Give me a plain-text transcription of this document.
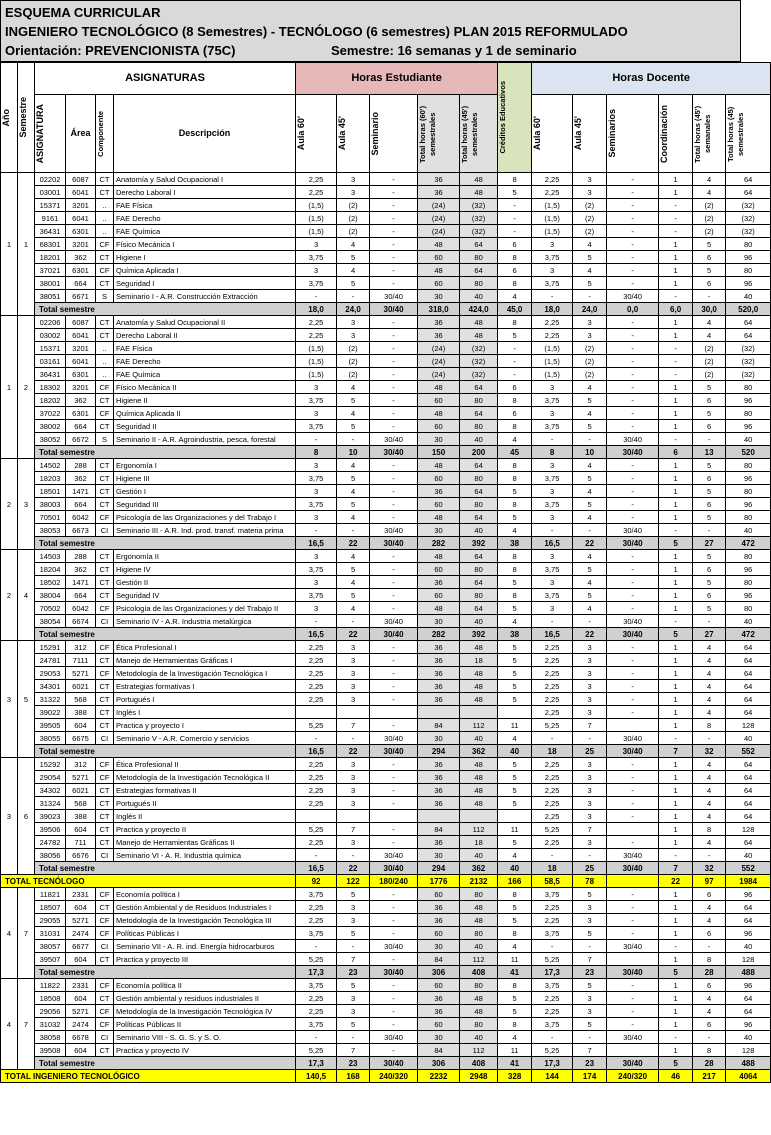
ESQUEMA CURRICULAR
INGENIERO TECNOLÓGICO (8 Semestres) - TECNÓLOGO (6 semestres) PLAN 2015 REFORMULADO
Orientación: PREVENCIONISTA (75C)	Semestre: 16 semanas y 1 de seminario
Año	Semestre	ASIGNATURAS				Horas Estudiante					Créditos Educativos	Horas Docente					

		ASIGNATURA	Área	Componente	Descripción	Aula 60'	Aula 45'	Seminario	Total horas (60') semestrales	Total horas (45') semestrales		Aula 60'	Aula 45'	Seminarios	Coordinación	Total horas (45') semanales	Total horas (45) semestrales

1	1	02202	6087	CT	Anatomía y Salud Ocupacional I	2,25	3	-	36	48	8	2,25	3	-	1	4	64
		03001	6041	CT	Derecho Laboral I	2,25	3	-	36	48	5	2,25	3	-	1	4	64
		15371	3201	..	FAE Física	(1,5)	(2)	-	(24)	(32)	-	(1,5)	(2)	-	-	(2)	(32)
		9161	6041	..	FAE Derecho	(1,5)	(2)	-	(24)	(32)	-	(1,5)	(2)	-	-	(2)	(32)
		36431	6301	..	FAE Química	(1,5)	(2)	-	(24)	(32)	-	(1,5)	(2)	-	-	(2)	(32)
		68301	3201	CF	Físico Mecánica I	3	4	-	48	64	6	3	4	-	1	5	80
		18201	362	CT	Higiene I	3,75	5	-	60	80	8	3,75	5	-	1	6	96
		37021	6301	CF	Química Aplicada I	3	4	-	48	64	6	3	4	-	1	5	80
		38001	664	CT	Seguridad I	3,75	5	-	60	80	8	3,75	5	-	1	6	96
		38051	6671	S	Seminario I - A.R. Construcción Extracción	-	-	30/40	30	40	4	-	-	30/40	-	-	40
		Total semestre				18,0	24,0	30/40	318,0	424,0	45,0	18,0	24,0	0,0	6,0	30,0	520,0
1	2	02206	6087	CT	Anatomía y Salud Ocupacional II	2,25	3	-	36	48	8	2,25	3	-	1	4	64
		03002	6041	CT	Derecho Laboral II	2,25	3	-	36	48	5	2,25	3	-	1	4	64
		15371	3201	..	FAE Física	(1,5)	(2)	-	(24)	(32)	-	(1,5)	(2)	-	-	(2)	(32)
		03161	6041	..	FAE Derecho	(1,5)	(2)	-	(24)	(32)	-	(1,5)	(2)	-	-	(2)	(32)
		36431	6301	..	FAE Química	(1,5)	(2)	-	(24)	(32)	-	(1,5)	(2)	-	-	(2)	(32)
		18302	3201	CF	Físico Mecánica II	3	4	-	48	64	6	3	4	-	1	5	80
		18202	362	CT	Higiene II	3,75	5	-	60	80	8	3,75	5	-	1	6	96
		37022	6301	CF	Química Aplicada II	3	4	-	48	64	6	3	4	-	1	5	80
		38002	664	CT	Seguridad II	3,75	5	-	60	80	8	3,75	5	-	1	6	96
		38052	6672	S	Seminario II - A.R. Agroindustria, pesca, forestal	-	-	30/40	30	40	4	-	-	30/40	-	-	40
		Total semestre				8	10	30/40	150	200	45	8	10	30/40	6	13	520
2	3	14502	288	CT	Ergonomía I	3	4	-	48	64	8	3	4	-	1	5	80
		18203	362	CT	Higiene III	3,75	5	-	60	80	8	3,75	5	-	1	6	96
		18501	1471	CT	Gestión I	3	4	-	36	64	5	3	4	-	1	5	80
		38003	664	CT	Seguridad III	3,75	5	-	60	80	8	3,75	5	-	1	6	96
		70501	6042	CF	Psicología de las Organizaciones y del Trabajo I	3	4	-	48	64	5	3	4	-	1	5	80
		38053	6673	CI	Seminario III - A.R. Ind. prod. transf. materia prima	-	-	30/40	30	40	4	-	-	30/40	-	-	40
		Total semestre				16,5	22	30/40	282	392	38	16,5	22	30/40	5	27	472
2	4	14503	288	CT	Ergonomía II	3	4	-	48	64	8	3	4	-	1	5	80
		18204	362	CT	Higiene IV	3,75	5	-	60	80	8	3,75	5	-	1	6	96
		18502	1471	CT	Gestión II	3	4	-	36	64	5	3	4	-	1	5	80
		38004	664	CT	Seguridad IV	3,75	5	-	60	80	8	3,75	5	-	1	6	96
		70502	6042	CF	Psicología de las Organizaciones y del Trabajo II	3	4	-	48	64	5	3	4	-	1	5	80
		38054	6674	CI	Seminario IV - A.R. Industria metalúrgica	-	-	30/40	30	40	4	-	-	30/40	-	-	40
		Total semestre				16,5	22	30/40	282	392	38	16,5	22	30/40	5	27	472
3	5	15291	312	CF	Ética Profesional I	2,25	3	-	36	48	5	2,25	3	-	1	4	64
		24781	7111	CT	Manejo de Herramientas Gráficas I	2,25	3	-	36	18	5	2,25	3	-	1	4	64
		29053	5271	CF	Metodología de la Investigación Tecnológica I	2,25	3	-	36	48	5	2,25	3	-	1	4	64
		34301	6021	CT	Estrategias formativas I	2,25	3	-	36	48	5	2,25	3	-	1	4	64
		31322	568	CT	Portugués I	2,25	3	-	36	48	5	2,25	3	-	1	4	64
		39022	388	CT	Inglés I							2,25	3	-	1	4	64
		39505	604	CT	Practica y proyecto I	5,25	7	-	84	112	11	5,25	7		1	8	128
		38055	6675	CI	Seminario V - A.R. Comercio y servicios	-	-	30/40	30	40	4	-	-	30/40	-	-	40
		Total semestre				16,5	22	30/40	294	362	40	18	25	30/40	7	32	552
3	6	15292	312	CF	Ética Profesional II	2,25	3	-	36	48	5	2,25	3	-	1	4	64
		29054	5271	CF	Metodología de la Investigación Tecnológica II	2,25	3	-	36	48	5	2,25	3	-	1	4	64
		34302	6021	CT	Estrategias formativas II	2,25	3	-	36	48	5	2,25	3	-	1	4	64
		31324	568	CT	Portugués II	2,25	3	-	36	48	5	2,25	3	-	1	4	64
		39023	388	CT	Inglés II							2,25	3	-	1	4	64
		39506	604	CT	Practica y proyecto II	5,25	7	-	84	112	11	5,25	7		1	8	128
		24782	711	CT	Manejo de Herramientas Gráficas II	2,25	3	-	36	18	5	2,25	3	-	1	4	64
		38056	6676	CI	Seminario VI - A. R. Industria química	-	-	30/40	30	40	4	-	-	30/40	-	-	40
		Total semestre				16,5	22	30/40	294	362	40	18	25	30/40	7	32	552
TOTAL TECNÓLOGO						92	122	180/240	1776	2132	166	58,5	78		22	97	1984
4	7	11821	2331	CF	Economía política I	3,75	5	-	60	80	8	3,75	5	-	1	6	96
		18507	604	CT	Gestión Ambiental y de Residuos Industriales I	2,25	3	-	36	48	5	2,25	3	-	1	4	64
		29055	5271	CF	Metodología de la Investigación Tecnológica III	2,25	3	-	36	48	5	2,25	3	-	1	4	64
		31031	2474	CF	Políticas Públicas I	3,75	5	-	60	80	8	3,75	5	-	1	6	96
		38057	6677	CI	Seminario VII - A. R. ind. Energía hidrocarburos	-	-	30/40	30	40	4	-	-	30/40	-	-	40
		39507	604	CT	Practica y proyecto III	5,25	7	-	84	112	11	5,25	7		1	8	128
		Total semestre				17,3	23	30/40	306	408	41	17,3	23	30/40	5	28	488
4	7	11822	2331	CF	Economía política II	3,75	5	-	60	80	8	3,75	5	-	1	6	96
		18508	604	CT	Gestión ambiental y residuos industriales II	2,25	3	-	36	48	5	2,25	3	-	1	4	64
		29056	5271	CF	Metodología de la Investigación Tecnológica IV	2,25	3	-	36	48	5	2,25	3	-	1	4	64
		31032	2474	CF	Políticas Públicas II	3,75	5	-	60	80	8	3,75	5	-	1	6	96
		38058	6678	CI	Seminario VIII - S. G. S. y S. O.	-	-	30/40	30	40	4	-	-	30/40	-	-	40
		39508	604	CT	Practica y proyecto IV	5,25	7	-	84	112	11	5,25	7		1	8	128
		Total semestre				17,3	23	30/40	306	408	41	17,3	23	30/40	5	28	488
TOTAL INGENIERO TECNOLÓGICO						140,5	168	240/320	2232	2948	328	144	174	240/320	46	217	4064
